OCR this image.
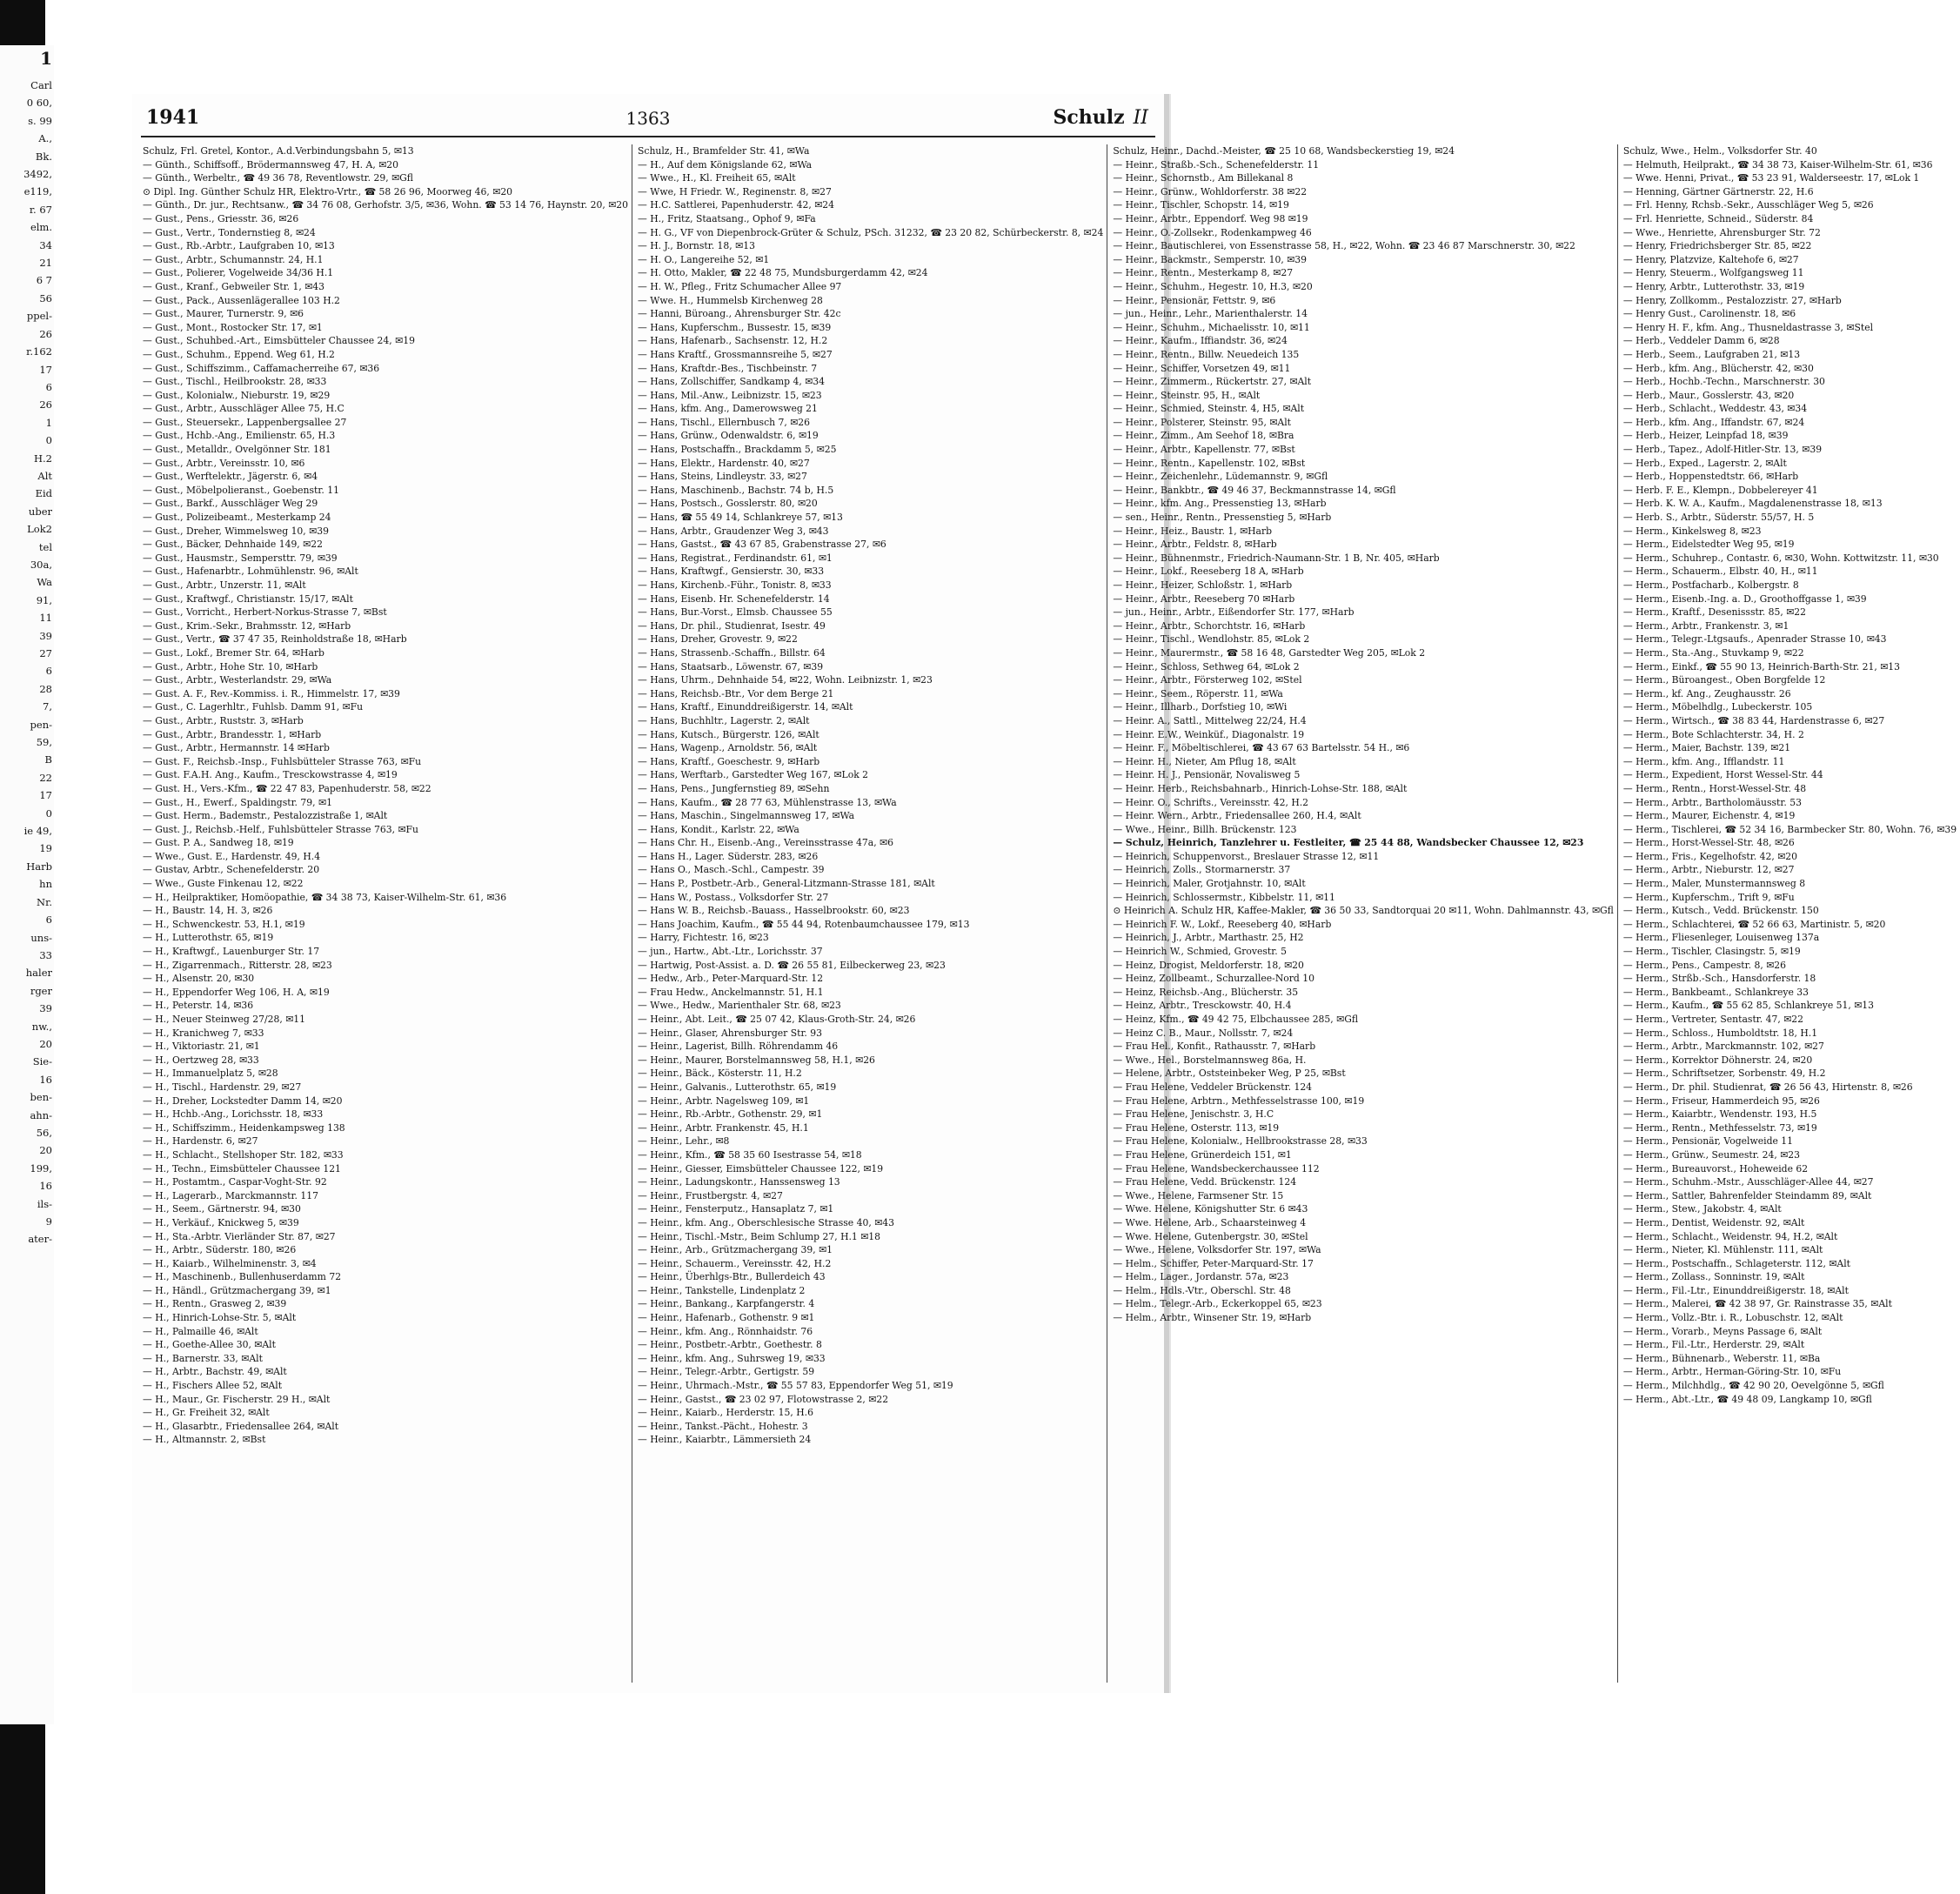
1
Carl
0 60,
s. 99
A.,
Bk.
3492,
e119,
r. 67
elm.
34
21
6 7
56
ppel-
26
r.162
17
6
26
1
0
H.2
Alt
Eid
uber
Lok2
tel
30a,
Wa
91,
11
39
27
6
28
7,
pen-
59,
B
22
17
0
ie 49,
19
Harb
hn
Nr.
6
uns-
33
haler
rger
39
nw.,
20
Sie-
16
ben-
ahn-
56,
20
199,
16
ils-
9
ater-
1941	1363	Schulz II
Schulz, Frl. Gretel, Kontor., A.d.Verbindungsbahn 5, ✉13
— Günth., Schiffsoff., Brödermannsweg 47, H. A, ✉20
— Günth., Werbeltr., ☎ 49 36 78, Reventlowstr. 29, ✉Gfl
⊙ Dipl. Ing. Günther Schulz HR, Elektro-Vrtr., ☎ 58 26 96, Moorweg 46, ✉20
— Günth., Dr. jur., Rechtsanw., ☎ 34 76 08, Gerhofstr. 3/5, ✉36, Wohn. ☎ 53 14 76, Haynstr. 20, ✉20
— Gust., Pens., Griesstr. 36, ✉26
— Gust., Vertr., Tondernstieg 8, ✉24
— Gust., Rb.-Arbtr., Laufgraben 10, ✉13
— Gust., Arbtr., Schumannstr. 24, H.1
— Gust., Polierer, Vogelweide 34/36 H.1
— Gust., Kranf., Gebweiler Str. 1, ✉43
— Gust., Pack., Aussenlägerallee 103 H.2
— Gust., Maurer, Turnerstr. 9, ✉6
— Gust., Mont., Rostocker Str. 17, ✉1
— Gust., Schuhbed.-Art., Eimsbütteler Chaussee 24, ✉19
— Gust., Schuhm., Eppend. Weg 61, H.2
— Gust., Schiffszimm., Caffamacherreihe 67, ✉36
— Gust., Tischl., Heilbrookstr. 28, ✉33
— Gust., Kolonialw., Nieburstr. 19, ✉29
— Gust., Arbtr., Ausschläger Allee 75, H.C
— Gust., Steuersekr., Lappenbergsallee 27
— Gust., Hchb.-Ang., Emilienstr. 65, H.3
— Gust., Metalldr., Ovelgönner Str. 181
— Gust., Arbtr., Vereinsstr. 10, ✉6
— Gust., Werftelektr., Jägerstr. 6, ✉4
— Gust., Möbelpolieranst., Goebenstr. 11
— Gust., Barkf., Ausschläger Weg 29
— Gust., Polizeibeamt., Mesterkamp 24
— Gust., Dreher, Wimmelsweg 10, ✉39
— Gust., Bäcker, Dehnhaide 149, ✉22
— Gust., Hausmstr., Sempersttr. 79, ✉39
— Gust., Hafenarbtr., Lohmühlenstr. 96, ✉Alt
— Gust., Arbtr., Unzerstr. 11, ✉Alt
— Gust., Kraftwgf., Christianstr. 15/17, ✉Alt
— Gust., Vorricht., Herbert-Norkus-Strasse 7, ✉Bst
— Gust., Krim.-Sekr., Brahmsstr. 12, ✉Harb
— Gust., Vertr., ☎ 37 47 35, Reinholdstraße 18, ✉Harb
— Gust., Lokf., Bremer Str. 64, ✉Harb
— Gust., Arbtr., Hohe Str. 10, ✉Harb
— Gust., Arbtr., Westerlandstr. 29, ✉Wa
— Gust. A. F., Rev.-Kommiss. i. R., Himmelstr. 17, ✉39
— Gust., C. Lagerhltr., Fuhlsb. Damm 91, ✉Fu
— Gust., Arbtr., Ruststr. 3, ✉Harb
— Gust., Arbtr., Brandesstr. 1, ✉Harb
— Gust., Arbtr., Hermannstr. 14 ✉Harb
— Gust. F., Reichsb.-Insp., Fuhlsbütteler Strasse 763, ✉Fu
— Gust. F.A.H. Ang., Kaufm., Tresckowstrasse 4, ✉19
— Gust. H., Vers.-Kfm., ☎ 22 47 83, Papenhuderstr. 58, ✉22
— Gust., H., Ewerf., Spaldingstr. 79, ✉1
— Gust. Herm., Bademstr., Pestalozzistraße 1, ✉Alt
— Gust. J., Reichsb.-Helf., Fuhlsbütteler Strasse 763, ✉Fu
— Gust. P. A., Sandweg 18, ✉19
— Wwe., Gust. E., Hardenstr. 49, H.4
— Gustav, Arbtr., Schenefelderstr. 20
— Wwe., Guste Finkenau 12, ✉22
— H., Heilpraktiker, Homöopathie, ☎ 34 38 73, Kaiser-Wilhelm-Str. 61, ✉36
— H., Baustr. 14, H. 3, ✉26
— H., Schwenckestr. 53, H.1, ✉19
— H., Lutterothstr. 65, ✉19
— H., Kraftwgf., Lauenburger Str. 17
— H., Zigarrenmach., Ritterstr. 28, ✉23
— H., Alsenstr. 20, ✉30
— H., Eppendorfer Weg 106, H. A, ✉19
— H., Peterstr. 14, ✉36
— H., Neuer Steinweg 27/28, ✉11
— H., Kranichweg 7, ✉33
— H., Viktoriastr. 21, ✉1
— H., Oertzweg 28, ✉33
— H., Immanuelplatz 5, ✉28
— H., Tischl., Hardenstr. 29, ✉27
— H., Dreher, Lockstedter Damm 14, ✉20
— H., Hchb.-Ang., Lorichsstr. 18, ✉33
— H., Schiffszimm., Heidenkampsweg 138
— H., Hardenstr. 6, ✉27
— H., Schlacht., Stellshoper Str. 182, ✉33
— H., Techn., Eimsbütteler Chaussee 121
— H., Postamtm., Caspar-Voght-Str. 92
— H., Lagerarb., Marckmannstr. 117
— H., Seem., Gärtnerstr. 94, ✉30
— H., Verkäuf., Knickweg 5, ✉39
— H., Sta.-Arbtr. Vierländer Str. 87, ✉27
— H., Arbtr., Süderstr. 180, ✉26
— H., Kaiarb., Wilhelminenstr. 3, ✉4
— H., Maschinenb., Bullenhuserdamm 72
— H., Händl., Grützmachergang 39, ✉1
— H., Rentn., Grasweg 2, ✉39
— H., Hinrich-Lohse-Str. 5, ✉Alt
— H., Palmaille 46, ✉Alt
— H., Goethe-Allee 30, ✉Alt
— H., Barnerstr. 33, ✉Alt
— H., Arbtr., Bachstr. 49, ✉Alt
— H., Fischers Allee 52, ✉Alt
— H., Maur., Gr. Fischerstr. 29 H., ✉Alt
— H., Gr. Freiheit 32, ✉Alt
— H., Glasarbtr., Friedensallee 264, ✉Alt
— H., Altmannstr. 2, ✉Bst
Schulz, H., Bramfelder Str. 41, ✉Wa
— H., Auf dem Königslande 62, ✉Wa
— Wwe., H., Kl. Freiheit 65, ✉Alt
— Wwe, H Friedr. W., Reginenstr. 8, ✉27
— H.C. Sattlerei, Papenhuderstr. 42, ✉24
— H., Fritz, Staatsang., Ophof 9, ✉Fa
— H. G., VF von Diepenbrock-Grüter & Schulz, PSch. 31232, ☎ 23 20 82, Schürbeckerstr. 8, ✉24
— H. J., Bornstr. 18, ✉13
— H. O., Langereihe 52, ✉1
— H. Otto, Makler, ☎ 22 48 75, Mundsburgerdamm 42, ✉24
— H. W., Pfleg., Fritz Schumacher Allee 97
— Wwe. H., Hummelsb Kirchenweg 28
— Hanni, Büroang., Ahrensburger Str. 42c
— Hans, Kupferschm., Bussestr. 15, ✉39
— Hans, Hafenarb., Sachsenstr. 12, H.2
— Hans Kraftf., Grossmannsreihe 5, ✉27
— Hans, Kraftdr.-Bes., Tischbeinstr. 7
— Hans, Zollschiffer, Sandkamp 4, ✉34
— Hans, Mil.-Anw., Leibnizstr. 15, ✉23
— Hans, kfm. Ang., Damerowsweg 21
— Hans, Tischl., Ellernbusch 7, ✉26
— Hans, Grünw., Odenwaldstr. 6, ✉19
— Hans, Postschaffn., Brackdamm 5, ✉25
— Hans, Elektr., Hardenstr. 40, ✉27
— Hans, Steins, Lindleystr. 33, ✉27
— Hans, Maschinenb., Bachstr. 74 b, H.5
— Hans, Postsch., Gosslerstr. 80, ✉20
— Hans, ☎ 55 49 14, Schlankreye 57, ✉13
— Hans, Arbtr., Graudenzer Weg 3, ✉43
— Hans, Gastst., ☎ 43 67 85, Grabenstrasse 27, ✉6
— Hans, Registrat., Ferdinandstr. 61, ✉1
— Hans, Kraftwgf., Gensierstr. 30, ✉33
— Hans, Kirchenb.-Führ., Tonistr. 8, ✉33
— Hans, Eisenb. Hr. Schenefelderstr. 14
— Hans, Bur.-Vorst., Elmsb. Chaussee 55
— Hans, Dr. phil., Studienrat, Isestr. 49
— Hans, Dreher, Grovestr. 9, ✉22
— Hans, Strassenb.-Schaffn., Billstr. 64
— Hans, Staatsarb., Löwenstr. 67, ✉39
— Hans, Uhrm., Dehnhaide 54, ✉22, Wohn. Leibnizstr. 1, ✉23
— Hans, Reichsb.-Btr., Vor dem Berge 21
— Hans, Kraftf., Einunddreißigerstr. 14, ✉Alt
— Hans, Buchhltr., Lagerstr. 2, ✉Alt
— Hans, Kutsch., Bürgerstr. 126, ✉Alt
— Hans, Wagenp., Arnoldstr. 56, ✉Alt
— Hans, Kraftf., Goeschestr. 9, ✉Harb
— Hans, Werftarb., Garstedter Weg 167, ✉Lok 2
— Hans, Pens., Jungfernstieg 89, ✉Sehn
— Hans, Kaufm., ☎ 28 77 63, Mühlenstrasse 13, ✉Wa
— Hans, Maschin., Singelmannsweg 17, ✉Wa
— Hans, Kondit., Karlstr. 22, ✉Wa
— Hans Chr. H., Eisenb.-Ang., Vereinsstrasse 47a, ✉6
— Hans H., Lager. Süderstr. 283, ✉26
— Hans O., Masch.-Schl., Campestr. 39
— Hans P., Postbetr.-Arb., General-Litzmann-Strasse 181, ✉Alt
— Hans W., Postass., Volksdorfer Str. 27
— Hans W. B., Reichsb.-Bauass., Hasselbrookstr. 60, ✉23
— Hans Joachim, Kaufm., ☎ 55 44 94, Rotenbaumchaussee 179, ✉13
— Harry, Fichtestr. 16, ✉23
— jun., Hartw., Abt.-Ltr., Lorichsstr. 37
— Hartwig, Post-Assist. a. D. ☎ 26 55 81, Eilbeckerweg 23, ✉23
— Hedw., Arb., Peter-Marquard-Str. 12
— Frau Hedw., Anckelmannstr. 51, H.1
— Wwe., Hedw., Marienthaler Str. 68, ✉23
— Heinr., Abt. Leit., ☎ 25 07 42, Klaus-Groth-Str. 24, ✉26
— Heinr., Glaser, Ahrensburger Str. 93
— Heinr., Lagerist, Billh. Röhrendamm 46
— Heinr., Maurer, Borstelmannsweg 58, H.1, ✉26
— Heinr., Bäck., Kösterstr. 11, H.2
— Heinr., Galvanis., Lutterothstr. 65, ✉19
— Heinr., Arbtr. Nagelsweg 109, ✉1
— Heinr., Rb.-Arbtr., Gothenstr. 29, ✉1
— Heinr., Arbtr. Frankenstr. 45, H.1
— Heinr., Lehr., ✉8
— Heinr., Kfm., ☎ 58 35 60 Isestrasse 54, ✉18
— Heinr., Giesser, Eimsbütteler Chaussee 122, ✉19
— Heinr., Ladungskontr., Hanssensweg 13
— Heinr., Frustbergstr. 4, ✉27
— Heinr., Fensterputz., Hansaplatz 7, ✉1
— Heinr., kfm. Ang., Oberschlesische Strasse 40, ✉43
— Heinr., Tischl.-Mstr., Beim Schlump 27, H.1 ✉18
— Heinr., Arb., Grützmachergang 39, ✉1
— Heinr., Schauerm., Vereinsstr. 42, H.2
— Heinr., Überhlgs-Btr., Bullerdeich 43
— Heinr., Tankstelle, Lindenplatz 2
— Heinr., Bankang., Karpfangerstr. 4
— Heinr., Hafenarb., Gothenstr. 9 ✉1
— Heinr., kfm. Ang., Rönnhaidstr. 76
— Heinr., Postbetr.-Arbtr., Goethestr. 8
— Heinr., kfm. Ang., Suhrsweg 19, ✉33
— Heinr., Telegr.-Arbtr., Gertigstr. 59
— Heinr., Uhrmach.-Mstr., ☎ 55 57 83, Eppendorfer Weg 51, ✉19
— Heinr., Gastst., ☎ 23 02 97, Flotowstrasse 2, ✉22
— Heinr., Kaiarb., Herderstr. 15, H.6
— Heinr., Tankst.-Pächt., Hohestr. 3
— Heinr., Kaiarbtr., Lämmersieth 24
Schulz, Heinr., Dachd.-Meister, ☎ 25 10 68, Wandsbeckerstieg 19, ✉24
— Heinr., Straßb.-Sch., Schenefelderstr. 11
— Heinr., Schornstb., Am Billekanal 8
— Heinr., Grünw., Wohldorferstr. 38 ✉22
— Heinr., Tischler, Schopstr. 14, ✉19
— Heinr., Arbtr., Eppendorf. Weg 98 ✉19
— Heinr., O.-Zollsekr., Rodenkampweg 46
— Heinr., Bautischlerei, von Essenstrasse 58, H., ✉22, Wohn. ☎ 23 46 87 Marschnerstr. 30, ✉22
— Heinr., Backmstr., Semperstr. 10, ✉39
— Heinr., Rentn., Mesterkamp 8, ✉27
— Heinr., Schuhm., Hegestr. 10, H.3, ✉20
— Heinr., Pensionär, Fettstr. 9, ✉6
— jun., Heinr., Lehr., Marienthalerstr. 14
— Heinr., Schuhm., Michaelisstr. 10, ✉11
— Heinr., Kaufm., Iffiandstr. 36, ✉24
— Heinr., Rentn., Billw. Neuedeich 135
— Heinr., Schiffer, Vorsetzen 49, ✉11
— Heinr., Zimmerm., Rückertstr. 27, ✉Alt
— Heinr., Steinstr. 95, H., ✉Alt
— Heinr., Schmied, Steinstr. 4, H5, ✉Alt
— Heinr., Polsterer, Steinstr. 95, ✉Alt
— Heinr., Zimm., Am Seehof 18, ✉Bra
— Heinr., Arbtr., Kapellenstr. 77, ✉Bst
— Heinr., Rentn., Kapellenstr. 102, ✉Bst
— Heinr., Zeichenlehr., Lüdemannstr. 9, ✉Gfl
— Heinr., Bankbtr., ☎ 49 46 37, Beckmannstrasse 14, ✉Gfl
— Heinr., kfm. Ang., Pressenstieg 13, ✉Harb
— sen., Heinr., Rentn., Pressenstieg 5, ✉Harb
— Heinr., Heiz., Baustr. 1, ✉Harb
— Heinr., Arbtr., Feldstr. 8, ✉Harb
— Heinr., Bühnenmstr., Friedrich-Naumann-Str. 1 B, Nr. 405, ✉Harb
— Heinr., Lokf., Reeseberg 18 A, ✉Harb
— Heinr., Heizer, Schloßstr. 1, ✉Harb
— Heinr., Arbtr., Reeseberg 70 ✉Harb
— jun., Heinr., Arbtr., Eißendorfer Str. 177, ✉Harb
— Heinr., Arbtr., Schorchtstr. 16, ✉Harb
— Heinr., Tischl., Wendlohstr. 85, ✉Lok 2
— Heinr., Maurermstr., ☎ 58 16 48, Garstedter Weg 205, ✉Lok 2
— Heinr., Schloss, Sethweg 64, ✉Lok 2
— Heinr., Arbtr., Försterweg 102, ✉Stel
— Heinr., Seem., Röperstr. 11, ✉Wa
— Heinr., Illharb., Dorfstieg 10, ✉Wi
— Heinr. A., Sattl., Mittelweg 22/24, H.4
— Heinr. E.W., Weinküf., Diagonalstr. 19
— Heinr. F., Möbeltischlerei, ☎ 43 67 63 Bartelsstr. 54 H., ✉6
— Heinr. H., Nieter, Am Pflug 18, ✉Alt
— Heinr. H. J., Pensionär, Novalisweg 5
— Heinr. Herb., Reichsbahnarb., Hinrich-Lohse-Str. 188, ✉Alt
— Heinr. O., Schrifts., Vereinsstr. 42, H.2
— Heinr. Wern., Arbtr., Friedensallee 260, H.4, ✉Alt
— Wwe., Heinr., Billh. Brückenstr. 123
— Schulz, Heinrich, Tanzlehrer u. Festleiter, ☎ 25 44 88, Wandsbecker Chaussee 12, ✉23
— Heinrich, Schuppenvorst., Breslauer Strasse 12, ✉11
— Heinrich, Zolls., Stormarnerstr. 37
— Heinrich, Maler, Grotjahnstr. 10, ✉Alt
— Heinrich, Schlossermstr., Kibbelstr. 11, ✉11
⊙ Heinrich A. Schulz HR, Kaffee-Makler, ☎ 36 50 33, Sandtorquai 20 ✉11, Wohn. Dahlmannstr. 43, ✉Gfl
— Heinrich F. W., Lokf., Reeseberg 40, ✉Harb
— Heinrich, J., Arbtr., Marthastr. 25, H2
— Heinrich W., Schmied, Grovestr. 5
— Heinz, Drogist, Meldorferstr. 18, ✉20
— Heinz, Zollbeamt., Schurzallee-Nord 10
— Heinz, Reichsb.-Ang., Blücherstr. 35
— Heinz, Arbtr., Tresckowstr. 40, H.4
— Heinz, Kfm., ☎ 49 42 75, Elbchaussee 285, ✉Gfl
— Heinz C. B., Maur., Nollsstr. 7, ✉24
— Frau Hel., Konfit., Rathausstr. 7, ✉Harb
— Wwe., Hel., Borstelmannsweg 86a, H.
— Helene, Arbtr., Oststeinbeker Weg, P 25, ✉Bst
— Frau Helene, Veddeler Brückenstr. 124
— Frau Helene, Arbtrn., Methfesselstrasse 100, ✉19
— Frau Helene, Jenischstr. 3, H.C
— Frau Helene, Osterstr. 113, ✉19
— Frau Helene, Kolonialw., Hellbrookstrasse 28, ✉33
— Frau Helene, Grünerdeich 151, ✉1
— Frau Helene, Wandsbeckerchaussee 112
— Frau Helene, Vedd. Brückenstr. 124
— Wwe., Helene, Farmsener Str. 15
— Wwe. Helene, Königshutter Str. 6 ✉43
— Wwe. Helene, Arb., Schaarsteinweg 4
— Wwe. Helene, Gutenbergstr. 30, ✉Stel
— Wwe., Helene, Volksdorfer Str. 197, ✉Wa
— Helm., Schiffer, Peter-Marquard-Str. 17
— Helm., Lager., Jordanstr. 57a, ✉23
— Helm., Hdls.-Vtr., Oberschl. Str. 48
— Helm., Telegr.-Arb., Eckerkoppel 65, ✉23
— Helm., Arbtr., Winsener Str. 19, ✉Harb
Schulz, Wwe., Helm., Volksdorfer Str. 40
— Helmuth, Heilprakt., ☎ 34 38 73, Kaiser-Wilhelm-Str. 61, ✉36
— Wwe. Henni, Privat., ☎ 53 23 91, Walderseestr. 17, ✉Lok 1
— Henning, Gärtner Gärtnerstr. 22, H.6
— Frl. Henny, Rchsb.-Sekr., Ausschläger Weg 5, ✉26
— Frl. Henriette, Schneid., Süderstr. 84
— Wwe., Henriette, Ahrensburger Str. 72
— Henry, Friedrichsberger Str. 85, ✉22
— Henry, Platzvize, Kaltehofe 6, ✉27
— Henry, Steuerm., Wolfgangsweg 11
— Henry, Arbtr., Lutterothstr. 33, ✉19
— Henry, Zollkomm., Pestalozzistr. 27, ✉Harb
— Henry Gust., Carolinenstr. 18, ✉6
— Henry H. F., kfm. Ang., Thusneldastrasse 3, ✉Stel
— Herb., Veddeler Damm 6, ✉28
— Herb., Seem., Laufgraben 21, ✉13
— Herb., kfm. Ang., Blücherstr. 42, ✉30
— Herb., Hochb.-Techn., Marschnerstr. 30
— Herb., Maur., Gosslerstr. 43, ✉20
— Herb., Schlacht., Weddestr. 43, ✉34
— Herb., kfm. Ang., Iffandstr. 67, ✉24
— Herb., Heizer, Leinpfad 18, ✉39
— Herb., Tapez., Adolf-Hitler-Str. 13, ✉39
— Herb., Exped., Lagerstr. 2, ✉Alt
— Herb., Hoppenstedtstr. 66, ✉Harb
— Herb. F. E., Klempn., Dobbelereyer 41
— Herb. K. W. A., Kaufm., Magdalenenstrasse 18, ✉13
— Herb. S., Arbtr., Süderstr. 55/57, H. 5
— Herm., Kinkelsweg 8, ✉23
— Herm., Eidelstedter Weg 95, ✉19
— Herm., Schuhrep., Contastr. 6, ✉30, Wohn. Kottwitzstr. 11, ✉30
— Herm., Schauerm., Elbstr. 40, H., ✉11
— Herm., Postfacharb., Kolbergstr. 8
— Herm., Eisenb.-Ing. a. D., Groothoffgasse 1, ✉39
— Herm., Kraftf., Desenissstr. 85, ✉22
— Herm., Arbtr., Frankenstr. 3, ✉1
— Herm., Telegr.-Ltgsaufs., Apenrader Strasse 10, ✉43
— Herm., Sta.-Ang., Stuvkamp 9, ✉22
— Herm., Einkf., ☎ 55 90 13, Heinrich-Barth-Str. 21, ✉13
— Herm., Büroangest., Oben Borgfelde 12
— Herm., kf. Ang., Zeughausstr. 26
— Herm., Möbelhdlg., Lubeckerstr. 105
— Herm., Wirtsch., ☎ 38 83 44, Hardenstrasse 6, ✉27
— Herm., Bote Schlachterstr. 34, H. 2
— Herm., Maier, Bachstr. 139, ✉21
— Herm., kfm. Ang., Ifflandstr. 11
— Herm., Expedient, Horst Wessel-Str. 44
— Herm., Rentn., Horst-Wessel-Str. 48
— Herm., Arbtr., Bartholomäusstr. 53
— Herm., Maurer, Eichenstr. 4, ✉19
— Herm., Tischlerei, ☎ 52 34 16, Barmbecker Str. 80, Wohn. 76, ✉39
— Herm., Horst-Wessel-Str. 48, ✉26
— Herm., Fris., Kegelhofstr. 42, ✉20
— Herm., Arbtr., Nieburstr. 12, ✉27
— Herm., Maler, Munstermannsweg 8
— Herm., Kupferschm., Trift 9, ✉Fu
— Herm., Kutsch., Vedd. Brückenstr. 150
— Herm., Schlachterei, ☎ 52 66 63, Martinistr. 5, ✉20
— Herm., Fliesenleger, Louisenweg 137a
— Herm., Tischler, Clasingstr. 5, ✉19
— Herm., Pens., Campestr. 8, ✉26
— Herm., Strßb.-Sch., Hansdorferstr. 18
— Herm., Bankbeamt., Schlankreye 33
— Herm., Kaufm., ☎ 55 62 85, Schlankreye 51, ✉13
— Herm., Vertreter, Sentastr. 47, ✉22
— Herm., Schloss., Humboldtstr. 18, H.1
— Herm., Arbtr., Marckmannstr. 102, ✉27
— Herm., Korrektor Döhnerstr. 24, ✉20
— Herm., Schriftsetzer, Sorbenstr. 49, H.2
— Herm., Dr. phil. Studienrat, ☎ 26 56 43, Hirtenstr. 8, ✉26
— Herm., Friseur, Hammerdeich 95, ✉26
— Herm., Kaiarbtr., Wendenstr. 193, H.5
— Herm., Rentn., Methfesselstr. 73, ✉19
— Herm., Pensionär, Vogelweide 11
— Herm., Grünw., Seumestr. 24, ✉23
— Herm., Bureauvorst., Hoheweide 62
— Herm., Schuhm.-Mstr., Ausschläger-Allee 44, ✉27
— Herm., Sattler, Bahrenfelder Steindamm 89, ✉Alt
— Herm., Stew., Jakobstr. 4, ✉Alt
— Herm., Dentist, Weidenstr. 92, ✉Alt
— Herm., Schlacht., Weidenstr. 94, H.2, ✉Alt
— Herm., Nieter, Kl. Mühlenstr. 111, ✉Alt
— Herm., Postschaffn., Schlageterstr. 112, ✉Alt
— Herm., Zollass., Sonninstr. 19, ✉Alt
— Herm., Fil.-Ltr., Einunddreißigerstr. 18, ✉Alt
— Herm., Malerei, ☎ 42 38 97, Gr. Rainstrasse 35, ✉Alt
— Herm., Vollz.-Btr. i. R., Lobuschstr. 12, ✉Alt
— Herm., Vorarb., Meyns Passage 6, ✉Alt
— Herm., Fil.-Ltr., Herderstr. 29, ✉Alt
— Herm., Bühnenarb., Weberstr. 11, ✉Ba
— Herm., Arbtr., Herman-Göring-Str. 10, ✉Fu
— Herm., Milchhdlg., ☎ 42 90 20, Oevelgönne 5, ✉Gfl
— Herm., Abt.-Ltr., ☎ 49 48 09, Langkamp 10, ✉Gfl
